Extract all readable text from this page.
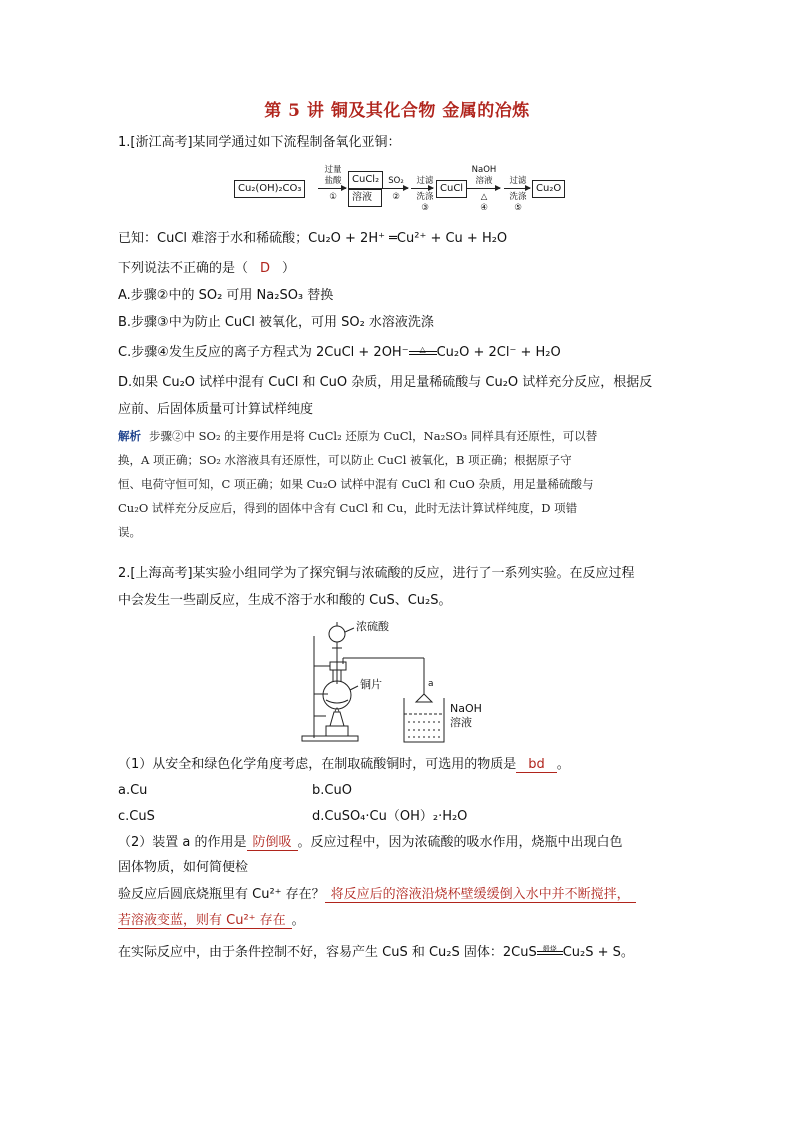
第 5 讲 铜及其化合物 金属的冶炼
1.[浙江高考]某同学通过如下流程制备氧化亚铜：
Cu₂(OH)₂CO₃
过量
盐酸
①
CuCl₂
溶液
SO₂
②
过滤
洗涤
③
CuCl
NaOH
溶液
△
④
过滤
洗涤
⑤
Cu₂O
已知：CuCl 难溶于水和稀硫酸；Cu₂O + 2H⁺ ═Cu²⁺ + Cu + H₂O
下列说法不正确的是（ D ）
A.步骤②中的 SO₂ 可用 Na₂SO₃ 替换
B.步骤③中为防止 CuCl 被氧化，可用 SO₂ 水溶液洗涤
C.步骤④发生反应的离子方程式为 2CuCl + 2OH⁻	△ Cu₂O + 2Cl⁻ + H₂O
D.如果 Cu₂O 试样中混有 CuCl 和 CuO 杂质，用足量稀硫酸与 Cu₂O 试样充分反应，根据反
应前、后固体质量可计算试样纯度
解析 步骤②中 SO₂ 的主要作用是将 CuCl₂ 还原为 CuCl，Na₂SO₃ 同样具有还原性，可以替
换，A 项正确；SO₂ 水溶液具有还原性，可以防止 CuCl 被氧化，B 项正确；根据原子守
恒、电荷守恒可知，C 项正确；如果 Cu₂O 试样中混有 CuCl 和 CuO 杂质，用足量稀硫酸与
Cu₂O 试样充分反应后，得到的固体中含有 CuCl 和 Cu，此时无法计算试样纯度，D 项错
误。
2.[上海高考]某实验小组同学为了探究铜与浓硫酸的反应，进行了一系列实验。在反应过程
中会发生一些副反应，生成不溶于水和酸的 CuS、Cu₂S。
浓硫酸
铜片	a
NaOH
溶液
（1）从安全和绿色化学角度考虑，在制取硫酸铜时，可选用的物质是 bd 。
a.Cu	b.CuO
c.CuS	d.CuSO₄·Cu（OH）₂·H₂O
（2）装置 a 的作用是 防倒吸 。反应过程中，因为浓硫酸的吸水作用，烧瓶中出现白色
固体物质，如何简便检
验反应后圆底烧瓶里有 Cu²⁺ 存在？ 将反应后的溶液沿烧杯壁缓缓倒入水中并不断搅拌，
若溶液变蓝，则有 Cu²⁺ 存在 。
在实际反应中，由于条件控制不好，容易产生 CuS 和 Cu₂S 固体：2CuS 煅烧 Cu₂S + S。
